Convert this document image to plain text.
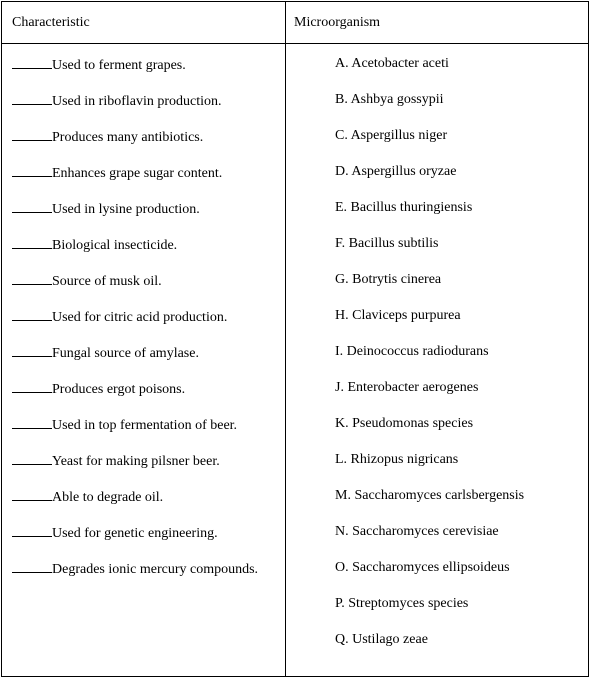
Characteristic	Microorganism
Used to ferment grapes.
Used in riboflavin production.
Produces many antibiotics.
Enhances grape sugar content.
Used in lysine production.
Biological insecticide.
Source of musk oil.
Used for citric acid production.
Fungal source of amylase.
Produces ergot poisons.
Used in top fermentation of beer.
Yeast for making pilsner beer.
Able to degrade oil.
Used for genetic engineering.
Degrades ionic mercury compounds.
A. Acetobacter aceti
B. Ashbya gossypii
C. Aspergillus niger
D. Aspergillus oryzae
E. Bacillus thuringiensis
F. Bacillus subtilis
G. Botrytis cinerea
H. Claviceps purpurea
I. Deinococcus radiodurans
J. Enterobacter aerogenes
K. Pseudomonas species
L. Rhizopus nigricans
M. Saccharomyces carlsbergensis
N. Saccharomyces cerevisiae
O. Saccharomyces ellipsoideus
P. Streptomyces species
Q. Ustilago zeae
